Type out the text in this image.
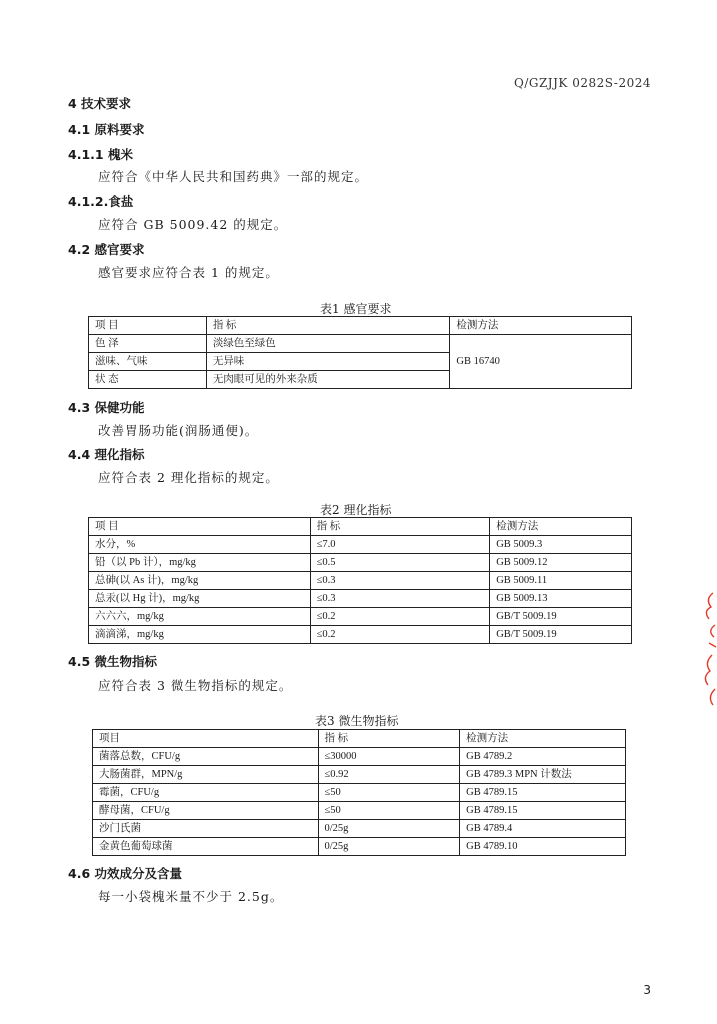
Q/GZJJK 0282S-2024
4 技术要求
4.1 原料要求
4.1.1 槐米
应符合《中华人民共和国药典》一部的规定。
4.1.2.食盐
应符合 GB 5009.42 的规定。
4.2 感官要求
感官要求应符合表 1 的规定。
表1 感官要求
项 目	指 标	检测方法
色 泽	淡绿色至绿色	GB 16740
滋味、气味	无异味	
状 态	无肉眼可见的外来杂质	
4.3 保健功能
改善胃肠功能(润肠通便)。
4.4 理化指标
应符合表 2 理化指标的规定。
表2 理化指标
项 目	指 标	检测方法
水分，%	≤7.0	GB 5009.3
铅（以 Pb 计），mg/kg	≤0.5	GB 5009.12
总砷(以 As 计)，mg/kg	≤0.3	GB 5009.11
总汞(以 Hg 计)，mg/kg	≤0.3	GB 5009.13
六六六，mg/kg	≤0.2	GB/T 5009.19
滴滴涕，mg/kg	≤0.2	GB/T 5009.19
4.5 微生物指标
应符合表 3 微生物指标的规定。
表3 微生物指标
项目	指 标	检测方法
菌落总数，CFU/g	≤30000	GB 4789.2
大肠菌群，MPN/g	≤0.92	GB 4789.3 MPN 计数法
霉菌，CFU/g	≤50	GB 4789.15
酵母菌，CFU/g	≤50	GB 4789.15
沙门氏菌	0/25g	GB 4789.4
金黄色葡萄球菌	0/25g	GB 4789.10
4.6 功效成分及含量
每一小袋槐米量不少于 2.5g。
3
